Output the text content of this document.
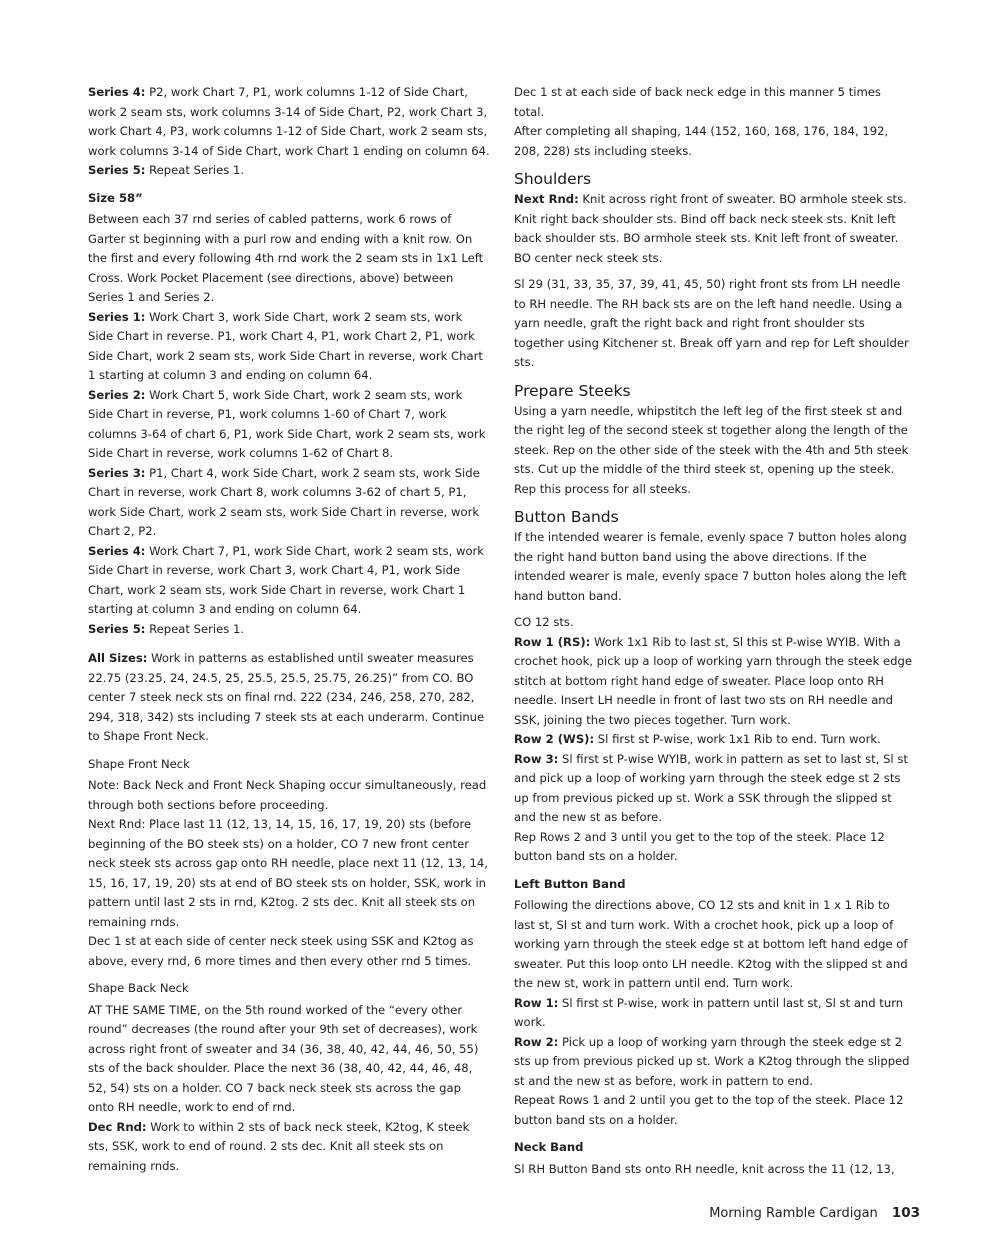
Series 4: P2, work Chart 7, P1, work columns 1-12 of Side Chart, work 2 seam sts, work columns 3-14 of Side Chart, P2, work Chart 3, work Chart 4, P3, work columns 1-12 of Side Chart, work 2 seam sts, work columns 3-14 of Side Chart, work Chart 1 ending on column 64.

Series 5: Repeat Series 1.

Size 58”

Between each 37 rnd series of cabled patterns, work 6 rows of Garter st beginning with a purl row and ending with a knit row. On the first and every following 4th rnd work the 2 seam sts in 1x1 Left Cross. Work Pocket Placement (see directions, above) between Series 1 and Series 2.

Series 1: Work Chart 3, work Side Chart, work 2 seam sts, work Side Chart in reverse. P1, work Chart 4, P1, work Chart 2, P1, work Side Chart, work 2 seam sts, work Side Chart in reverse, work Chart 1 starting at column 3 and ending on column 64.

Series 2: Work Chart 5, work Side Chart, work 2 seam sts, work Side Chart in reverse, P1, work columns 1-60 of Chart 7, work columns 3-64 of chart 6, P1, work Side Chart, work 2 seam sts, work Side Chart in reverse, work columns 1-62 of Chart 8.

Series 3: P1, Chart 4, work Side Chart, work 2 seam sts, work Side Chart in reverse, work Chart 8, work columns 3-62 of chart 5, P1, work Side Chart, work 2 seam sts, work Side Chart in reverse, work Chart 2, P2.

Series 4: Work Chart 7, P1, work Side Chart, work 2 seam sts, work Side Chart in reverse, work Chart 3, work Chart 4, P1, work Side Chart, work 2 seam sts, work Side Chart in reverse, work Chart 1 starting at column 3 and ending on column 64.

Series 5: Repeat Series 1.

All Sizes: Work in patterns as established until sweater measures 22.75 (23.25, 24, 24.5, 25, 25.5, 25.5, 25.75, 26.25)” from CO. BO center 7 steek neck sts on final rnd. 222 (234, 246, 258, 270, 282, 294, 318, 342) sts including 7 steek sts at each underarm. Continue to Shape Front Neck.

Shape Front Neck

Note: Back Neck and Front Neck Shaping occur simultaneously, read through both sections before proceeding.

Next Rnd: Place last 11 (12, 13, 14, 15, 16, 17, 19, 20) sts (before beginning of the BO steek sts) on a holder, CO 7 new front center neck steek sts across gap onto RH needle, place next 11 (12, 13, 14, 15, 16, 17, 19, 20) sts at end of BO steek sts on holder, SSK, work in pattern until last 2 sts in rnd, K2tog. 2 sts dec. Knit all steek sts on remaining rnds.

Dec 1 st at each side of center neck steek using SSK and K2tog as above, every rnd, 6 more times and then every other rnd 5 times.

Shape Back Neck

AT THE SAME TIME, on the 5th round worked of the “every other round” decreases (the round after your 9th set of decreases), work across right front of sweater and 34 (36, 38, 40, 42, 44, 46, 50, 55) sts of the back shoulder. Place the next 36 (38, 40, 42, 44, 46, 48, 52, 54) sts on a holder. CO 7 back neck steek sts across the gap onto RH needle, work to end of rnd.

Dec Rnd: Work to within 2 sts of back neck steek, K2tog, K steek sts, SSK, work to end of round. 2 sts dec. Knit all steek sts on remaining rnds.

Dec 1 st at each side of back neck edge in this manner 5 times total.

After completing all shaping, 144 (152, 160, 168, 176, 184, 192, 208, 228) sts including steeks.

Shoulders

Next Rnd: Knit across right front of sweater. BO armhole steek sts. Knit right back shoulder sts. Bind off back neck steek sts. Knit left back shoulder sts. BO armhole steek sts. Knit left front of sweater. BO center neck steek sts.

Sl 29 (31, 33, 35, 37, 39, 41, 45, 50) right front sts from LH needle to RH needle. The RH back sts are on the left hand needle. Using a yarn needle, graft the right back and right front shoulder sts together using Kitchener st. Break off yarn and rep for Left shoulder sts.

Prepare Steeks

Using a yarn needle, whipstitch the left leg of the first steek st and the right leg of the second steek st together along the length of the steek. Rep on the other side of the steek with the 4th and 5th steek sts. Cut up the middle of the third steek st, opening up the steek. Rep this process for all steeks.

Button Bands

If the intended wearer is female, evenly space 7 button holes along the right hand button band using the above directions. If the intended wearer is male, evenly space 7 button holes along the left hand button band.

CO 12 sts.

Row 1 (RS): Work 1x1 Rib to last st, Sl this st P-wise WYIB. With a crochet hook, pick up a loop of working yarn through the steek edge stitch at bottom right hand edge of sweater. Place loop onto RH needle. Insert LH needle in front of last two sts on RH needle and SSK, joining the two pieces together. Turn work.

Row 2 (WS): Sl first st P-wise, work 1x1 Rib to end. Turn work.

Row 3: Sl first st P-wise WYIB, work in pattern as set to last st, Sl st and pick up a loop of working yarn through the steek edge st 2 sts up from previous picked up st. Work a SSK through the slipped st and the new st as before.

Rep Rows 2 and 3 until you get to the top of the steek. Place 12 button band sts on a holder.

Left Button Band

Following the directions above, CO 12 sts and knit in 1 x 1 Rib to last st, Sl st and turn work. With a crochet hook, pick up a loop of working yarn through the steek edge st at bottom left hand edge of sweater. Put this loop onto LH needle. K2tog with the slipped st and the new st, work in pattern until end. Turn work.

Row 1: Sl first st P-wise, work in pattern until last st, Sl st and turn work.

Row 2: Pick up a loop of working yarn through the steek edge st 2 sts up from previous picked up st. Work a K2tog through the slipped st and the new st as before, work in pattern to end.

Repeat Rows 1 and 2 until you get to the top of the steek. Place 12 button band sts on a holder.

Neck Band

Sl RH Button Band sts onto RH needle, knit across the 11 (12, 13,

Morning Ramble Cardigan 103
